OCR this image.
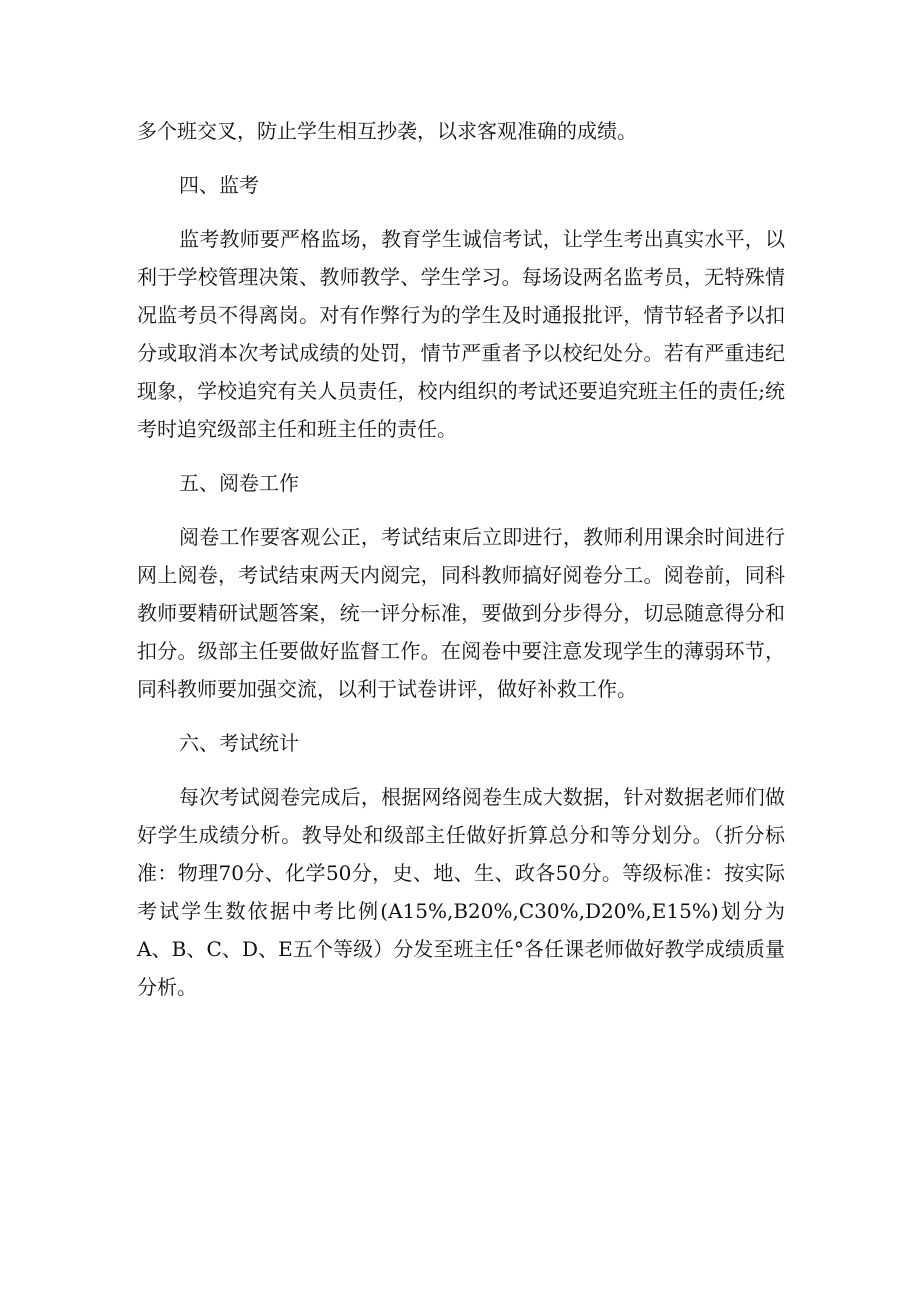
多个班交叉，防止学生相互抄袭，以求客观准确的成绩。

四、监考

监考教师要严格监场，教育学生诚信考试，让学生考出真实水平，以利于学校管理决策、教师教学、学生学习。每场设两名监考员，无特殊情况监考员不得离岗。对有作弊行为的学生及时通报批评，情节轻者予以扣分或取消本次考试成绩的处罚，情节严重者予以校纪处分。若有严重违纪现象，学校追究有关人员责任，校内组织的考试还要追究班主任的责任;统考时追究级部主任和班主任的责任。

五、阅卷工作

阅卷工作要客观公正，考试结束后立即进行，教师利用课余时间进行网上阅卷，考试结束两天内阅完，同科教师搞好阅卷分工。阅卷前，同科教师要精研试题答案，统一评分标准，要做到分步得分，切忌随意得分和扣分。级部主任要做好监督工作。在阅卷中要注意发现学生的薄弱环节，同科教师要加强交流，以利于试卷讲评，做好补救工作。

六、考试统计

每次考试阅卷完成后，根据网络阅卷生成大数据，针对数据老师们做好学生成绩分析。教导处和级部主任做好折算总分和等分划分。（折分标准：物理70分、化学50分，史、地、生、政各50分。等级标准：按实际考试学生数依据中考比例(A15%,B20%,C30%,D20%,E15%)划分为A、B、C、D、E五个等级）分发至班主任°各任课老师做好教学成绩质量分析。
